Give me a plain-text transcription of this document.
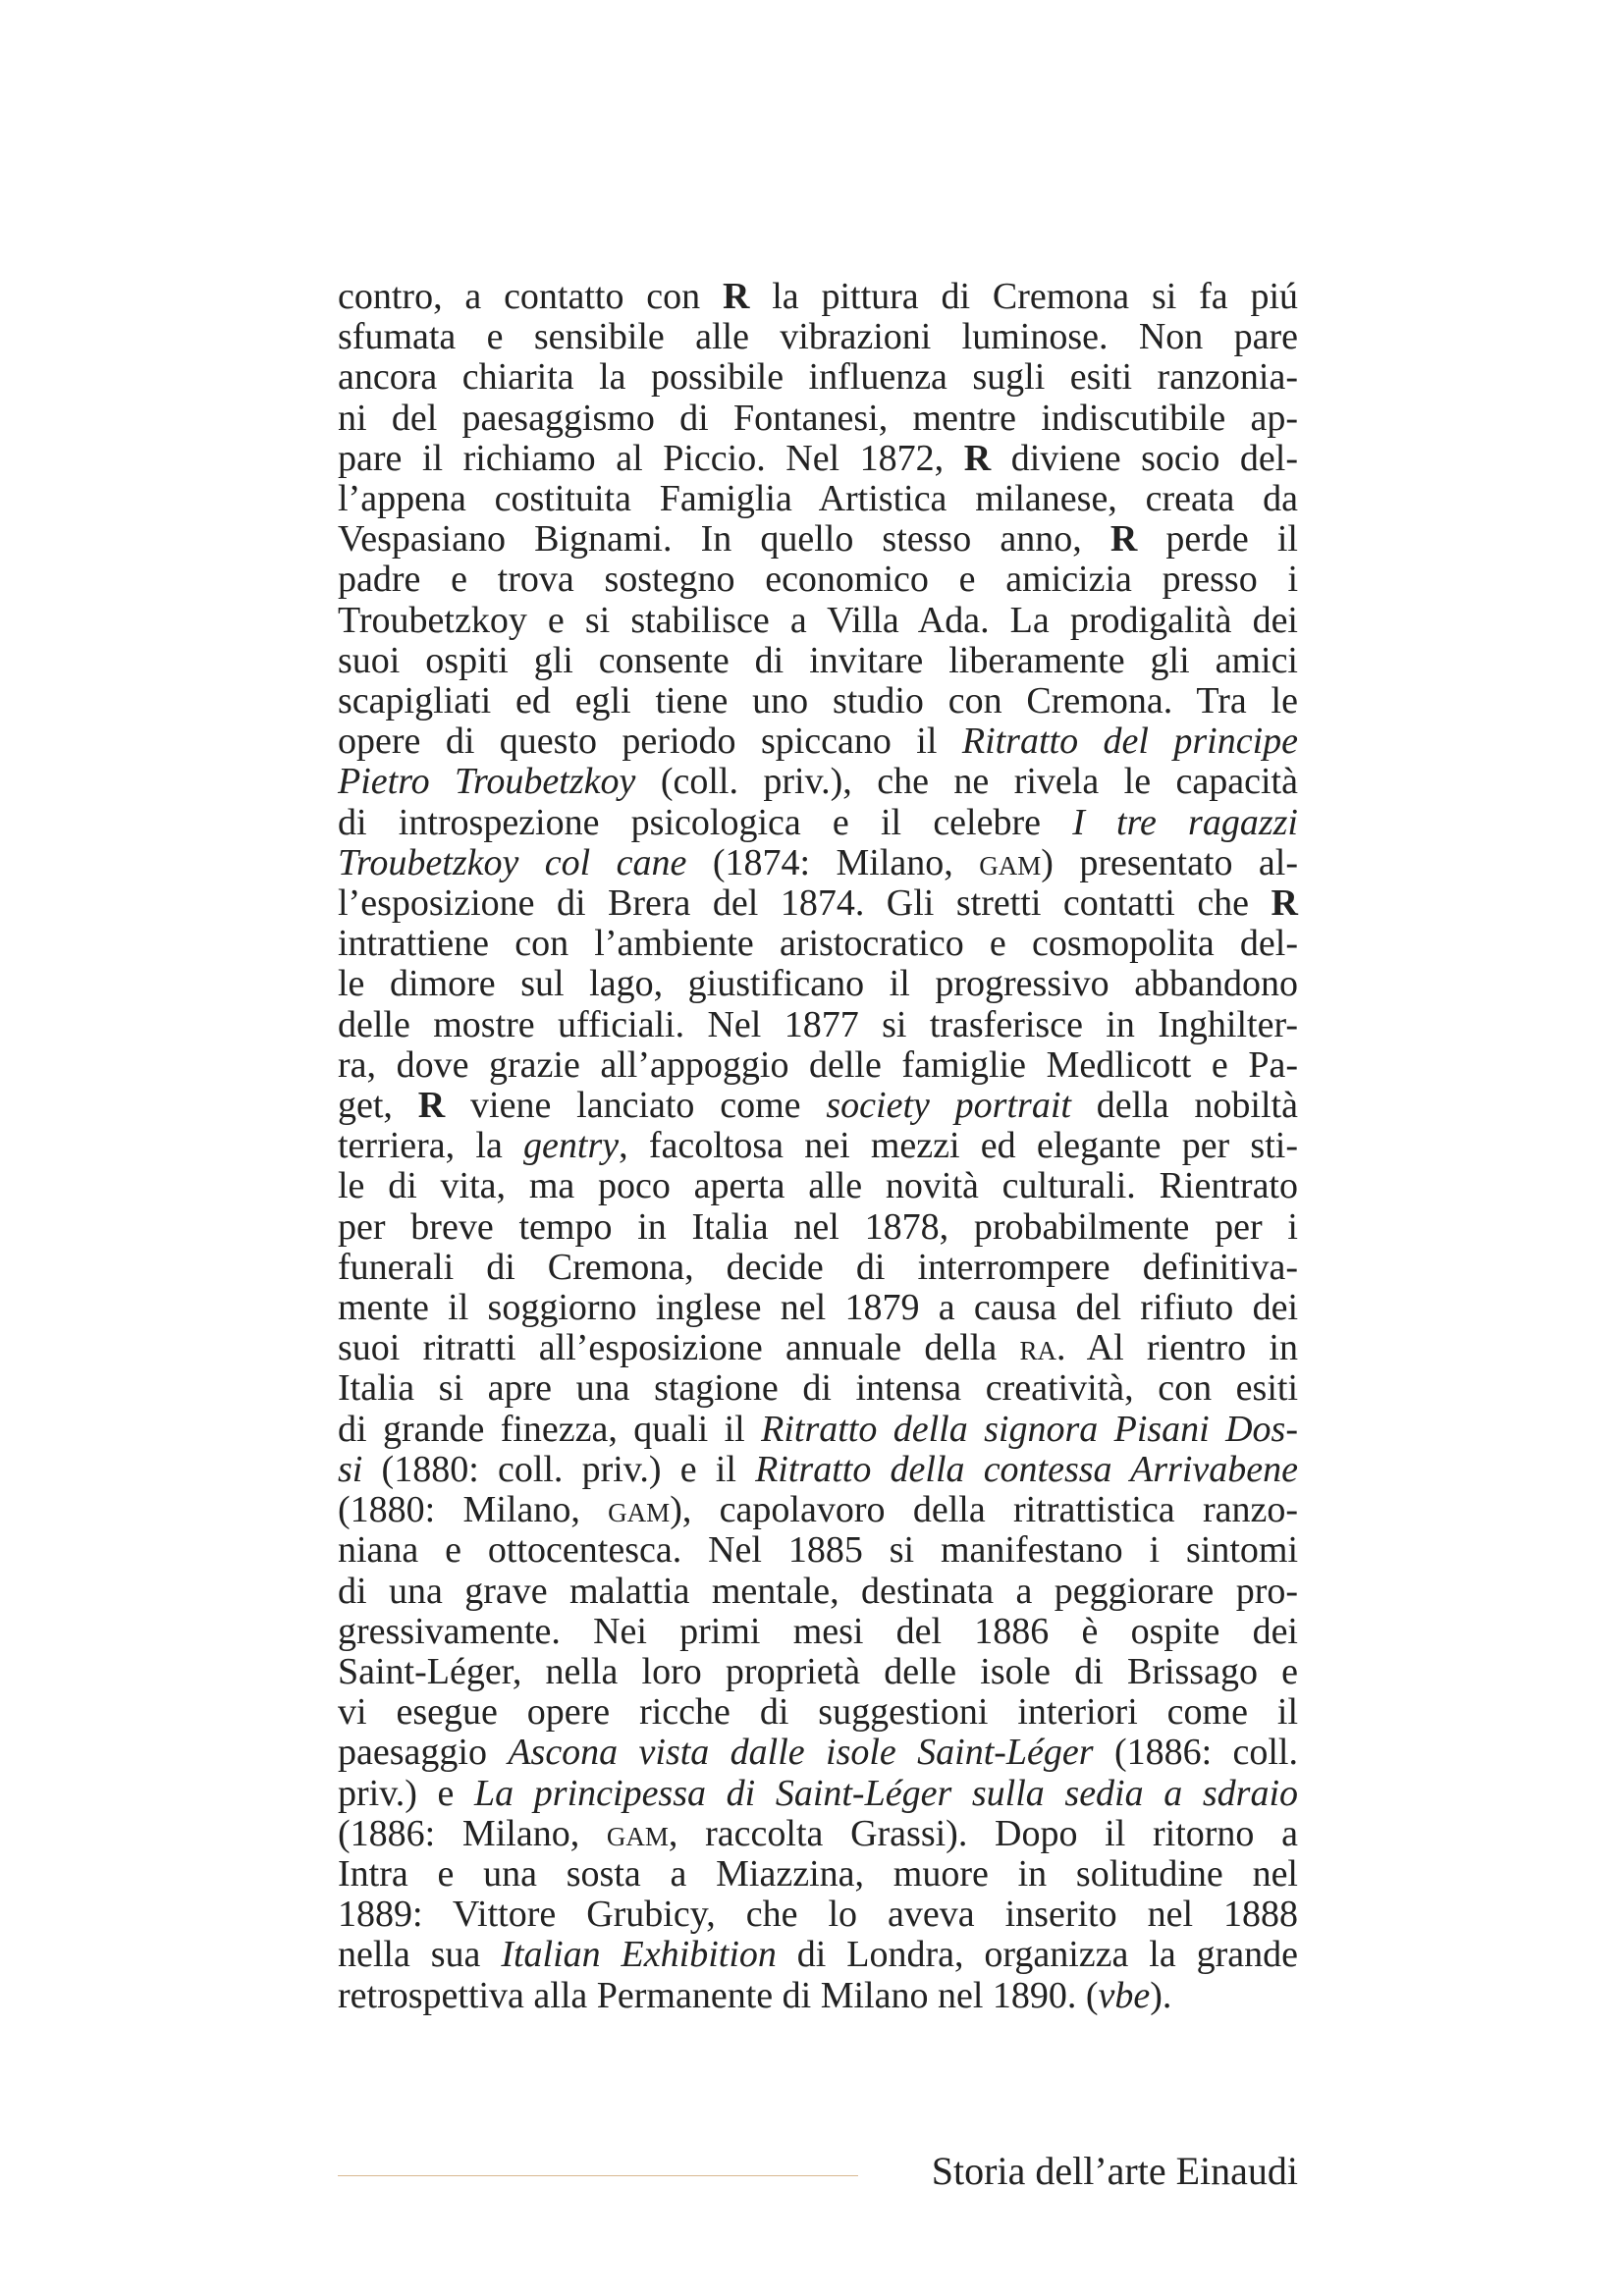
contro, a contatto con R la pittura di Cremona si fa piú
sfumata e sensibile alle vibrazioni luminose. Non pare
ancora chiarita la possibile influenza sugli esiti ranzonia-
ni del paesaggismo di Fontanesi, mentre indiscutibile ap-
pare il richiamo al Piccio. Nel 1872, R diviene socio del-
l’appena costituita Famiglia Artistica milanese, creata da
Vespasiano Bignami. In quello stesso anno, R perde il
padre e trova sostegno economico e amicizia presso i
Troubetzkoy e si stabilisce a Villa Ada. La prodigalità dei
suoi ospiti gli consente di invitare liberamente gli amici
scapigliati ed egli tiene uno studio con Cremona. Tra le
opere di questo periodo spiccano il Ritratto del principe
Pietro Troubetzkoy (coll. priv.), che ne rivela le capacità
di introspezione psicologica e il celebre I tre ragazzi
Troubetzkoy col cane (1874: Milano, gam) presentato al-
l’esposizione di Brera del 1874. Gli stretti contatti che R
intrattiene con l’ambiente aristocratico e cosmopolita del-
le dimore sul lago, giustificano il progressivo abbandono
delle mostre ufficiali. Nel 1877 si trasferisce in Inghilter-
ra, dove grazie all’appoggio delle famiglie Medlicott e Pa-
get, R viene lanciato come society portrait della nobiltà
terriera, la gentry, facoltosa nei mezzi ed elegante per sti-
le di vita, ma poco aperta alle novità culturali. Rientrato
per breve tempo in Italia nel 1878, probabilmente per i
funerali di Cremona, decide di interrompere definitiva-
mente il soggiorno inglese nel 1879 a causa del rifiuto dei
suoi ritratti all’esposizione annuale della ra. Al rientro in
Italia si apre una stagione di intensa creatività, con esiti
di grande finezza, quali il Ritratto della signora Pisani Dos-
si (1880: coll. priv.) e il Ritratto della contessa Arrivabene
(1880: Milano, gam), capolavoro della ritrattistica ranzo-
niana e ottocentesca. Nel 1885 si manifestano i sintomi
di una grave malattia mentale, destinata a peggiorare pro-
gressivamente. Nei primi mesi del 1886 è ospite dei
Saint-Léger, nella loro proprietà delle isole di Brissago e
vi esegue opere ricche di suggestioni interiori come il
paesaggio Ascona vista dalle isole Saint-Léger (1886: coll.
priv.) e La principessa di Saint-Léger sulla sedia a sdraio
(1886: Milano, gam, raccolta Grassi). Dopo il ritorno a
Intra e una sosta a Miazzina, muore in solitudine nel
1889: Vittore Grubicy, che lo aveva inserito nel 1888
nella sua Italian Exhibition di Londra, organizza la grande
retrospettiva alla Permanente di Milano nel 1890. (vbe).
Storia dell’arte Einaudi
